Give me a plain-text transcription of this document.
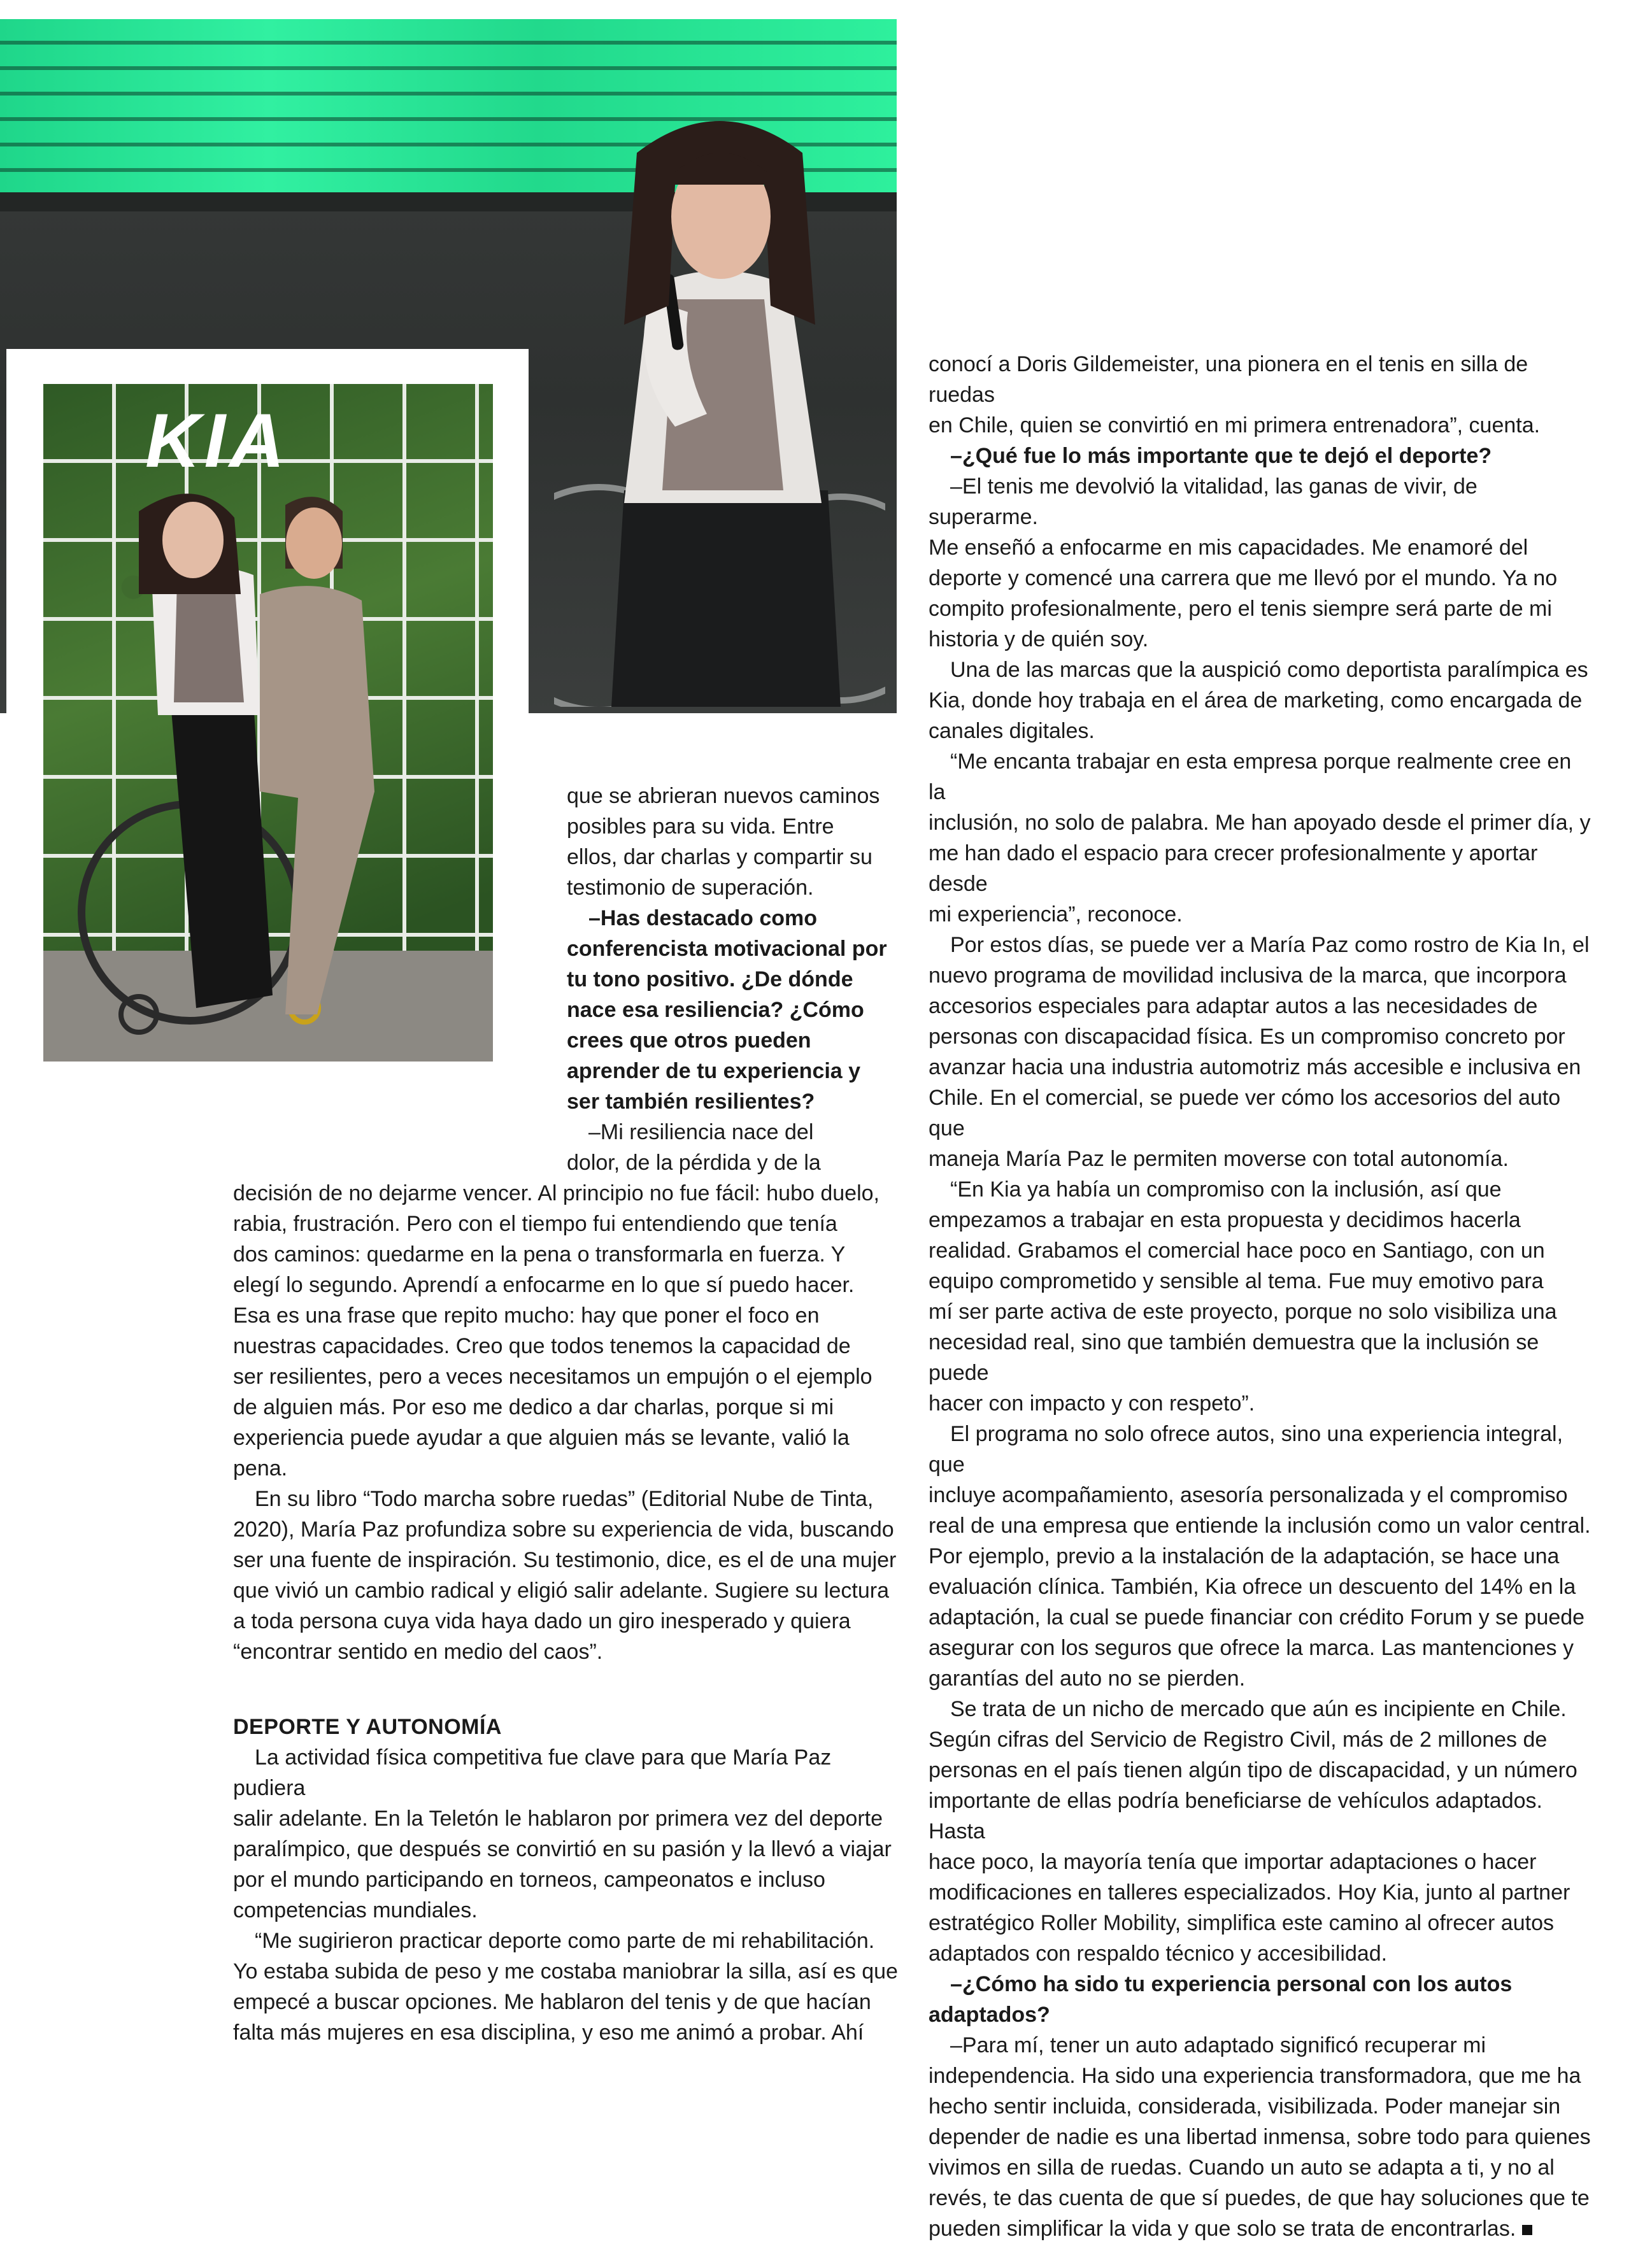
KIA

que se abrieran nuevos caminos

posibles para su vida. Entre

ellos, dar charlas y compartir su

testimonio de superación.

–Has destacado como

conferencista motivacional por

tu tono positivo. ¿De dónde

nace esa resiliencia? ¿Cómo

crees que otros pueden

aprender de tu experiencia y

ser también resilientes?

–Mi resiliencia nace del

dolor, de la pérdida y de la

decisión de no dejarme vencer. Al principio no fue fácil: hubo duelo,

rabia, frustración. Pero con el tiempo fui entendiendo que tenía

dos caminos: quedarme en la pena o transformarla en fuerza. Y

elegí lo segundo. Aprendí a enfocarme en lo que sí puedo hacer.

Esa es una frase que repito mucho: hay que poner el foco en

nuestras capacidades. Creo que todos tenemos la capacidad de

ser resilientes, pero a veces necesitamos un empujón o el ejemplo

de alguien más. Por eso me dedico a dar charlas, porque si mi

experiencia puede ayudar a que alguien más se levante, valió la pena.

En su libro “Todo marcha sobre ruedas” (Editorial Nube de Tinta,

2020), María Paz profundiza sobre su experiencia de vida, buscando

ser una fuente de inspiración. Su testimonio, dice, es el de una mujer

que vivió un cambio radical y eligió salir adelante. Sugiere su lectura

a toda persona cuya vida haya dado un giro inesperado y quiera

“encontrar sentido en medio del caos”.

DEPORTE Y AUTONOMÍA

La actividad física competitiva fue clave para que María Paz pudiera

salir adelante. En la Teletón le hablaron por primera vez del deporte

paralímpico, que después se convirtió en su pasión y la llevó a viajar

por el mundo participando en torneos, campeonatos e incluso

competencias mundiales.

“Me sugirieron practicar deporte como parte de mi rehabilitación.

Yo estaba subida de peso y me costaba maniobrar la silla, así es que

empecé a buscar opciones. Me hablaron del tenis y de que hacían

falta más mujeres en esa disciplina, y eso me animó a probar. Ahí

conocí a Doris Gildemeister, una pionera en el tenis en silla de ruedas

en Chile, quien se convirtió en mi primera entrenadora”, cuenta.

–¿Qué fue lo más importante que te dejó el deporte?

–El tenis me devolvió la vitalidad, las ganas de vivir, de superarme.

Me enseñó a enfocarme en mis capacidades. Me enamoré del

deporte y comencé una carrera que me llevó por el mundo. Ya no

compito profesionalmente, pero el tenis siempre será parte de mi

historia y de quién soy.

Una de las marcas que la auspició como deportista paralímpica es

Kia, donde hoy trabaja en el área de marketing, como encargada de

canales digitales.

“Me encanta trabajar en esta empresa porque realmente cree en la

inclusión, no solo de palabra. Me han apoyado desde el primer día, y

me han dado el espacio para crecer profesionalmente y aportar desde

mi experiencia”, reconoce.

Por estos días, se puede ver a María Paz como rostro de Kia In, el

nuevo programa de movilidad inclusiva de la marca, que incorpora

accesorios especiales para adaptar autos a las necesidades de

personas con discapacidad física. Es un compromiso concreto por

avanzar hacia una industria automotriz más accesible e inclusiva en

Chile. En el comercial, se puede ver cómo los accesorios del auto que

maneja María Paz le permiten moverse con total autonomía.

“En Kia ya había un compromiso con la inclusión, así que

empezamos a trabajar en esta propuesta y decidimos hacerla

realidad. Grabamos el comercial hace poco en Santiago, con un

equipo comprometido y sensible al tema. Fue muy emotivo para

mí ser parte activa de este proyecto, porque no solo visibiliza una

necesidad real, sino que también demuestra que la inclusión se puede

hacer con impacto y con respeto”.

El programa no solo ofrece autos, sino una experiencia integral, que

incluye acompañamiento, asesoría personalizada y el compromiso

real de una empresa que entiende la inclusión como un valor central.

Por ejemplo, previo a la instalación de la adaptación, se hace una

evaluación clínica. También, Kia ofrece un descuento del 14% en la

adaptación, la cual se puede financiar con crédito Forum y se puede

asegurar con los seguros que ofrece la marca. Las mantenciones y

garantías del auto no se pierden.

Se trata de un nicho de mercado que aún es incipiente en Chile.

Según cifras del Servicio de Registro Civil, más de 2 millones de

personas en el país tienen algún tipo de discapacidad, y un número

importante de ellas podría beneficiarse de vehículos adaptados. Hasta

hace poco, la mayoría tenía que importar adaptaciones o hacer

modificaciones en talleres especializados. Hoy Kia, junto al partner

estratégico Roller Mobility, simplifica este camino al ofrecer autos

adaptados con respaldo técnico y accesibilidad.

–¿Cómo ha sido tu experiencia personal con los autos

adaptados?

–Para mí, tener un auto adaptado significó recuperar mi

independencia. Ha sido una experiencia transformadora, que me ha

hecho sentir incluida, considerada, visibilizada. Poder manejar sin

depender de nadie es una libertad inmensa, sobre todo para quienes

vivimos en silla de ruedas. Cuando un auto se adapta a ti, y no al

revés, te das cuenta de que sí puedes, de que hay soluciones que te

pueden simplificar la vida y que solo se trata de encontrarlas.
